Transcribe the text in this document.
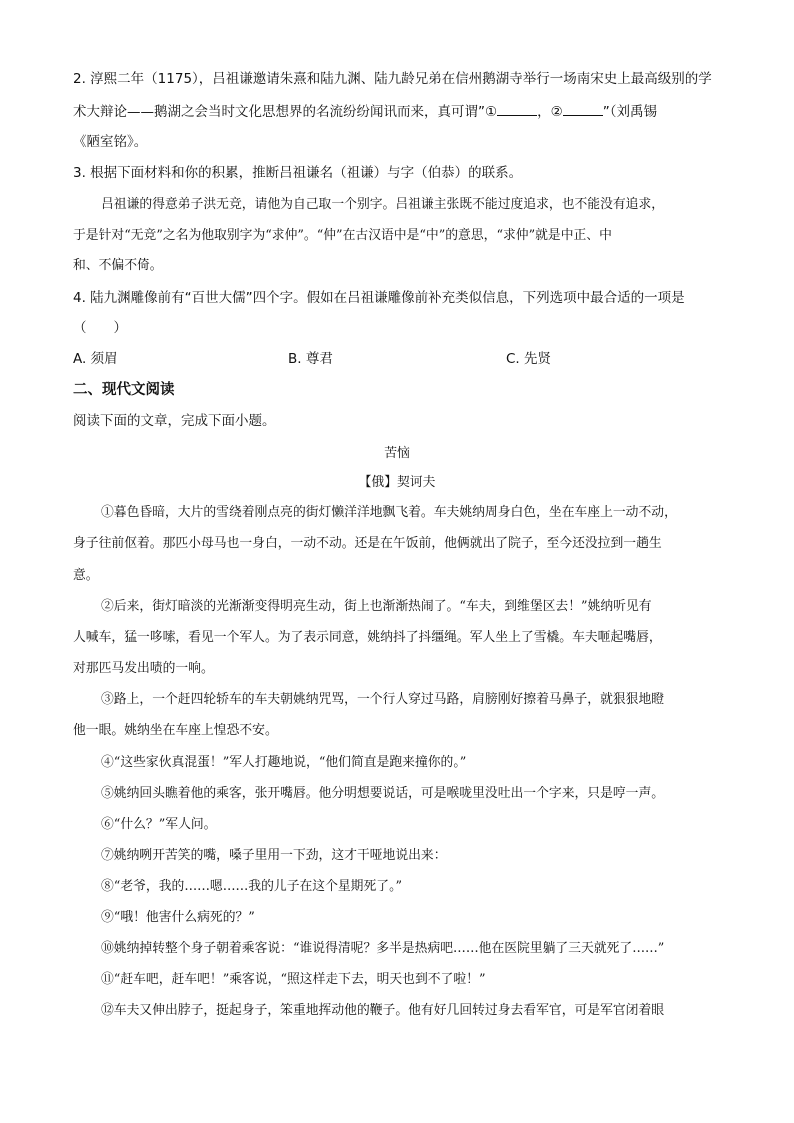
2. 淳熙二年（1175），吕祖谦邀请朱熹和陆九渊、陆九龄兄弟在信州鹅湖寺举行一场南宋史上最高级别的学
术大辩论——鹅湖之会当时文化思想界的名流纷纷闻讯而来，真可谓”①	，②	”（刘禹锡
《陋室铭》。
3. 根据下面材料和你的积累，推断吕祖谦名（祖谦）与字（伯恭）的联系。
吕祖谦的得意弟子洪无竞，请他为自己取一个别字。吕祖谦主张既不能过度追求，也不能没有追求，
于是针对“无竞”之名为他取别字为“求仲”。“仲”在古汉语中是“中”的意思，“求仲”就是中正、中
和、不偏不倚。
4. 陆九渊雕像前有“百世大儒”四个字。假如在吕祖谦雕像前补充类似信息，下列选项中最合适的一项是
（　　）
A. 须眉	B. 尊君	C. 先贤
二、现代文阅读
阅读下面的文章，完成下面小题。
苦恼
【俄】契诃夫
①暮色昏暗，大片的雪绕着刚点亮的街灯懒洋洋地飘飞着。车夫姚纳周身白色，坐在车座上一动不动，
身子往前伛着。那匹小母马也一身白，一动不动。还是在午饭前，他俩就出了院子，至今还没拉到一趟生
意。
②后来，街灯暗淡的光渐渐变得明亮生动，街上也渐渐热闹了。“车夫，到维堡区去！”姚纳听见有
人喊车，猛一哆嗦，看见一个军人。为了表示同意，姚纳抖了抖缰绳。军人坐上了雪橇。车夫咂起嘴唇，
对那匹马发出啧的一响。
③路上，一个赶四轮轿车的车夫朝姚纳咒骂，一个行人穿过马路，肩膀刚好擦着马鼻子，就狠狠地瞪
他一眼。姚纳坐在车座上惶恐不安。
④“这些家伙真混蛋！”军人打趣地说，“他们简直是跑来撞你的。”
⑤姚纳回头瞧着他的乘客，张开嘴唇。他分明想要说话，可是喉咙里没吐出一个字来，只是哼一声。
⑥“什么？”军人问。
⑦姚纳咧开苦笑的嘴，嗓子里用一下劲，这才干哑地说出来：
⑧“老爷，我的……嗯……我的儿子在这个星期死了。”
⑨“哦！他害什么病死的？”
⑩姚纳掉转整个身子朝着乘客说：“谁说得清呢？多半是热病吧……他在医院里躺了三天就死了……”
⑪“赶车吧，赶车吧！”乘客说，“照这样走下去，明天也到不了啦！”
⑫车夫又伸出脖子，挺起身子，笨重地挥动他的鞭子。他有好几回转过身去看军官，可是军官闭着眼
